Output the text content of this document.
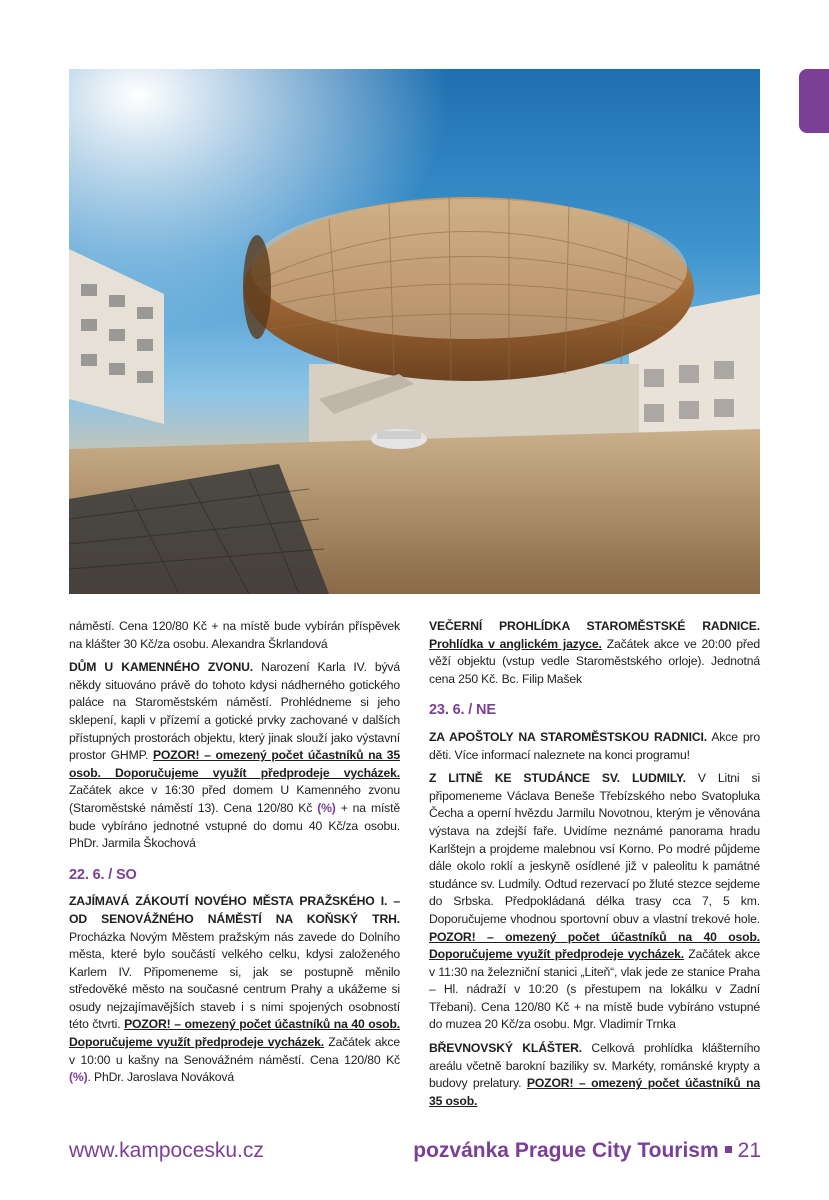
náměstí. Cena 120/80 Kč + na místě bude vybírán příspěvek na klášter 30 Kč/za osobu. Alexandra Škrlandová

DŮM U KAMENNÉHO ZVONU. Narození Karla IV. bývá někdy situováno právě do tohoto kdysi nádherného gotického paláce na Staroměstském náměstí. Prohlédneme si jeho sklepení, kapli v přízemí a gotické prvky zachované v dalších přístupných prostorách objektu, který jinak slouží jako výstavní prostor GHMP. POZOR! – omezený počet účastníků na 35 osob. Doporučujeme využít předprodeje vycházek. Začátek akce v 16:30 před domem U Kamenného zvonu (Staroměstské náměstí 13). Cena 120/80 Kč (%) + na místě bude vybíráno jednotné vstupné do domu 40 Kč/za osobu. PhDr. Jarmila Škochová

22. 6. / SO

ZAJÍMAVÁ ZÁKOUTÍ NOVÉHO MĚSTA PRAŽSKÉHO I. – OD SENOVÁŽNÉHO NÁMĚSTÍ NA KOŇSKÝ TRH. Procházka Novým Městem pražským nás zavede do Dolního města, které bylo součástí velkého celku, kdysi založeného Karlem IV. Připomeneme si, jak se postupně měnilo středověké město na současné centrum Prahy a ukážeme si osudy nejzajímavějších staveb i s nimi spojených osobností této čtvrti. POZOR! – omezený počet účastníků na 40 osob. Doporučujeme využít předprodeje vycházek. Začátek akce v 10:00 u kašny na Senovážném náměstí. Cena 120/80 Kč (%). PhDr. Jaroslava Nováková

VEČERNÍ PROHLÍDKA STAROMĚSTSKÉ RADNICE. Prohlídka v anglickém jazyce. Začátek akce ve 20:00 před věží objektu (vstup vedle Staroměstského orloje). Jednotná cena 250 Kč. Bc. Filip Mašek

23. 6. / NE

ZA APOŠTOLY NA STAROMĚSTSKOU RADNICI. Akce pro děti. Více informací naleznete na konci programu!

Z LITNĚ KE STUDÁNCE SV. LUDMILY. V Litni si připomeneme Václava Beneše Třebízského nebo Svatopluka Čecha a operní hvězdu Jarmilu Novotnou, kterým je věnována výstava na zdejší faře. Uvidíme neznámé panorama hradu Karlštejn a projdeme malebnou vsí Korno. Po modré půjdeme dále okolo roklí a jeskyně osídlené již v paleolitu k památné studánce sv. Ludmily. Odtud rezervací po žluté stezce sejdeme do Srbska. Předpokládaná délka trasy cca 7, 5 km. Doporučujeme vhodnou sportovní obuv a vlastní trekové hole. POZOR! – omezený počet účastníků na 40 osob. Doporučujeme využít předprodeje vycházek. Začátek akce v 11:30 na železniční stanici „Liteň“, vlak jede ze stanice Praha – Hl. nádraží v 10:20 (s přestupem na lokálku v Zadní Třebani). Cena 120/80 Kč + na místě bude vybíráno vstupné do muzea 20 Kč/za osobu. Mgr. Vladimír Trnka

BŘEVNOVSKÝ KLÁŠTER. Celková prohlídka klášterního areálu včetně barokní baziliky sv. Markéty, románské krypty a budovy prelatury. POZOR! – omezený počet účastníků na 35 osob.

www.kampocesku.cz	pozvánka Prague City Tourism 21
